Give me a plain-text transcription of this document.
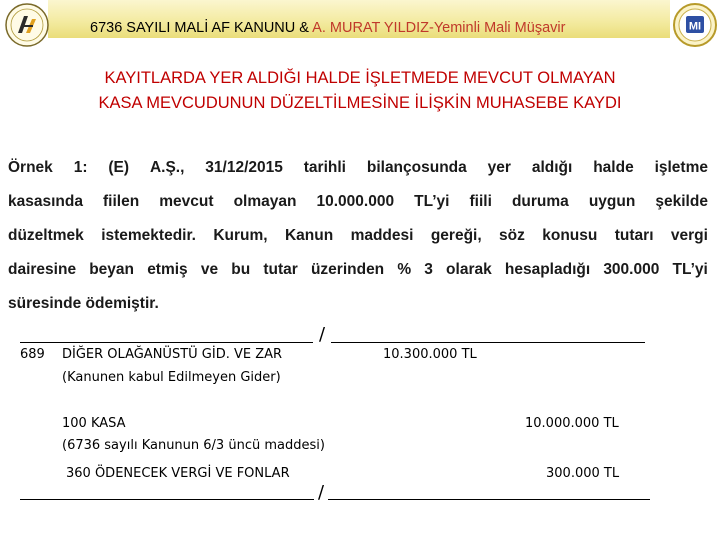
6736 SAYILI MALİ AF KANUNU & A. MURAT YILDIZ-Yeminli Mali Müşavir	MI
KAYITLARDA YER ALDIĞI HALDE İŞLETMEDE MEVCUT OLMAYAN
KASA MEVCUDUNUN DÜZELTİLMESİNE İLİŞKİN MUHASEBE KAYDI
Örnek 1: (E) A.Ş., 31/12/2015 tarihli bilançosunda yer aldığı halde işletme
kasasında fiilen mevcut olmayan 10.000.000 TL’yi fiili duruma uygun şekilde
düzeltmek istemektedir. Kurum, Kanun maddesi gereği, söz konusu tutarı vergi
dairesine beyan etmiş ve bu tutar üzerinden % 3 olarak hesapladığı 300.000 TL’yi
süresinde ödemiştir.
/
689 DİĞER OLAĞANÜSTÜ GİD. VE ZAR	10.300.000 TL
(Kanunen kabul Edilmeyen Gider)
100 KASA	10.000.000 TL
(6736 sayılı Kanunun 6/3 üncü maddesi)
360 ÖDENECEK VERGİ VE FONLAR	300.000 TL
/
